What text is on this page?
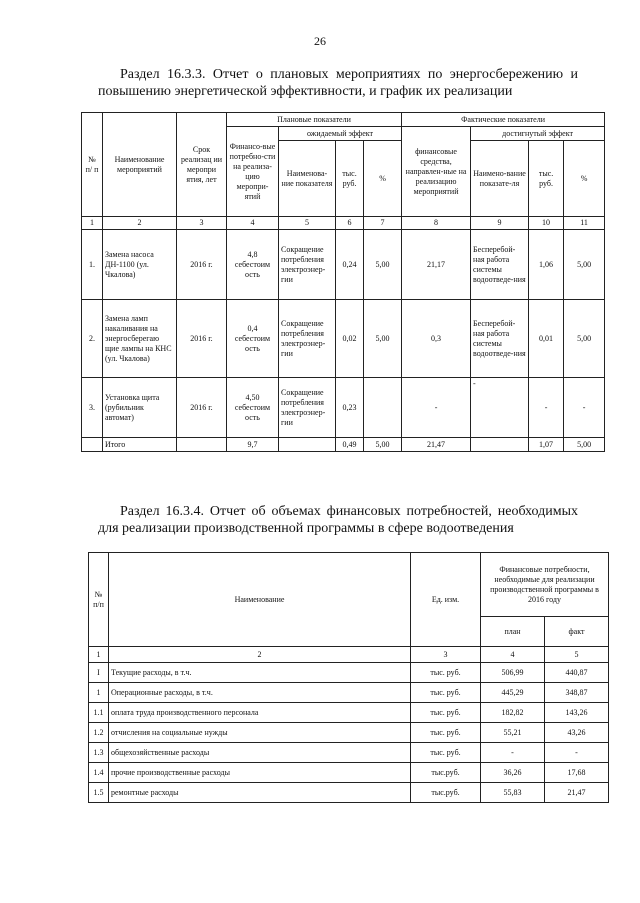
26
Раздел 16.3.3. Отчет о плановых мероприятиях по энергосбережению и повышению энергетической эффективности, и график их реализации
№ п/ п	Наименование мероприятий	Срок реализац ии меропри ятия, лет	Плановые показатели				Фактические показатели			
			Финансо-вые потребно-сти на реализа-цию меропри-ятий	ожидаемый эффект			финансовые средства, направлен-ные на реализацию мероприятий	достигнутый эффект		
				Наименова-ние показателя	тыс. руб.	%		Наимено-вание показате-ля	тыс. руб.	%
1	2	3	4	5	6	7	8	9	10	11
1.	Замена насоса ДН-1100 (ул. Чкалова)	2016 г.	4,8 себестоим ость	Сокращение потребления электроэнер-гии	0,24	5,00	21,17	Бесперебой-ная работа системы водоотведе-ния	1,06	5,00
2.	Замена ламп накаливания на энергосберегаю щие лампы на КНС (ул. Чкалова)	2016 г.	0,4 себестоим ость	Сокращение потребления электроэнер-гии	0,02	5,00	0,3	Бесперебой-ная работа системы водоотведе-ния	0,01	5,00
3.	Установка щита (рубильник автомат)	2016 г.	4,50 себестоим ость	Сокращение потребления электроэнер-гии	0,23		-	-	-	-
	Итого		9,7		0,49	5,00	21,47		1,07	5,00
Раздел 16.3.4. Отчет об объемах финансовых потребностей, необходимых для реализации производственной программы в сфере водоотведения
№ п/п	Наименование	Ед. изм.	Финансовые потребности, необходимые для реализации производственной программы в 2016 году	
			план	факт
1	2	3	4	5
I	Текущие расходы, в т.ч.	тыс. руб.	506,99	440,87
1	Операционные расходы, в т.ч.	тыс. руб.	445,29	348,87
1.1	оплата труда производственного персонала	тыс. руб.	182,82	143,26
1.2	отчисления на социальные нужды	тыс. руб.	55,21	43,26
1.3	общехозяйственные расходы	тыс. руб.	-	-
1.4	прочие производственные расходы	тыс.руб.	36,26	17,68
1.5	ремонтные расходы	тыс.руб.	55,83	21,47
